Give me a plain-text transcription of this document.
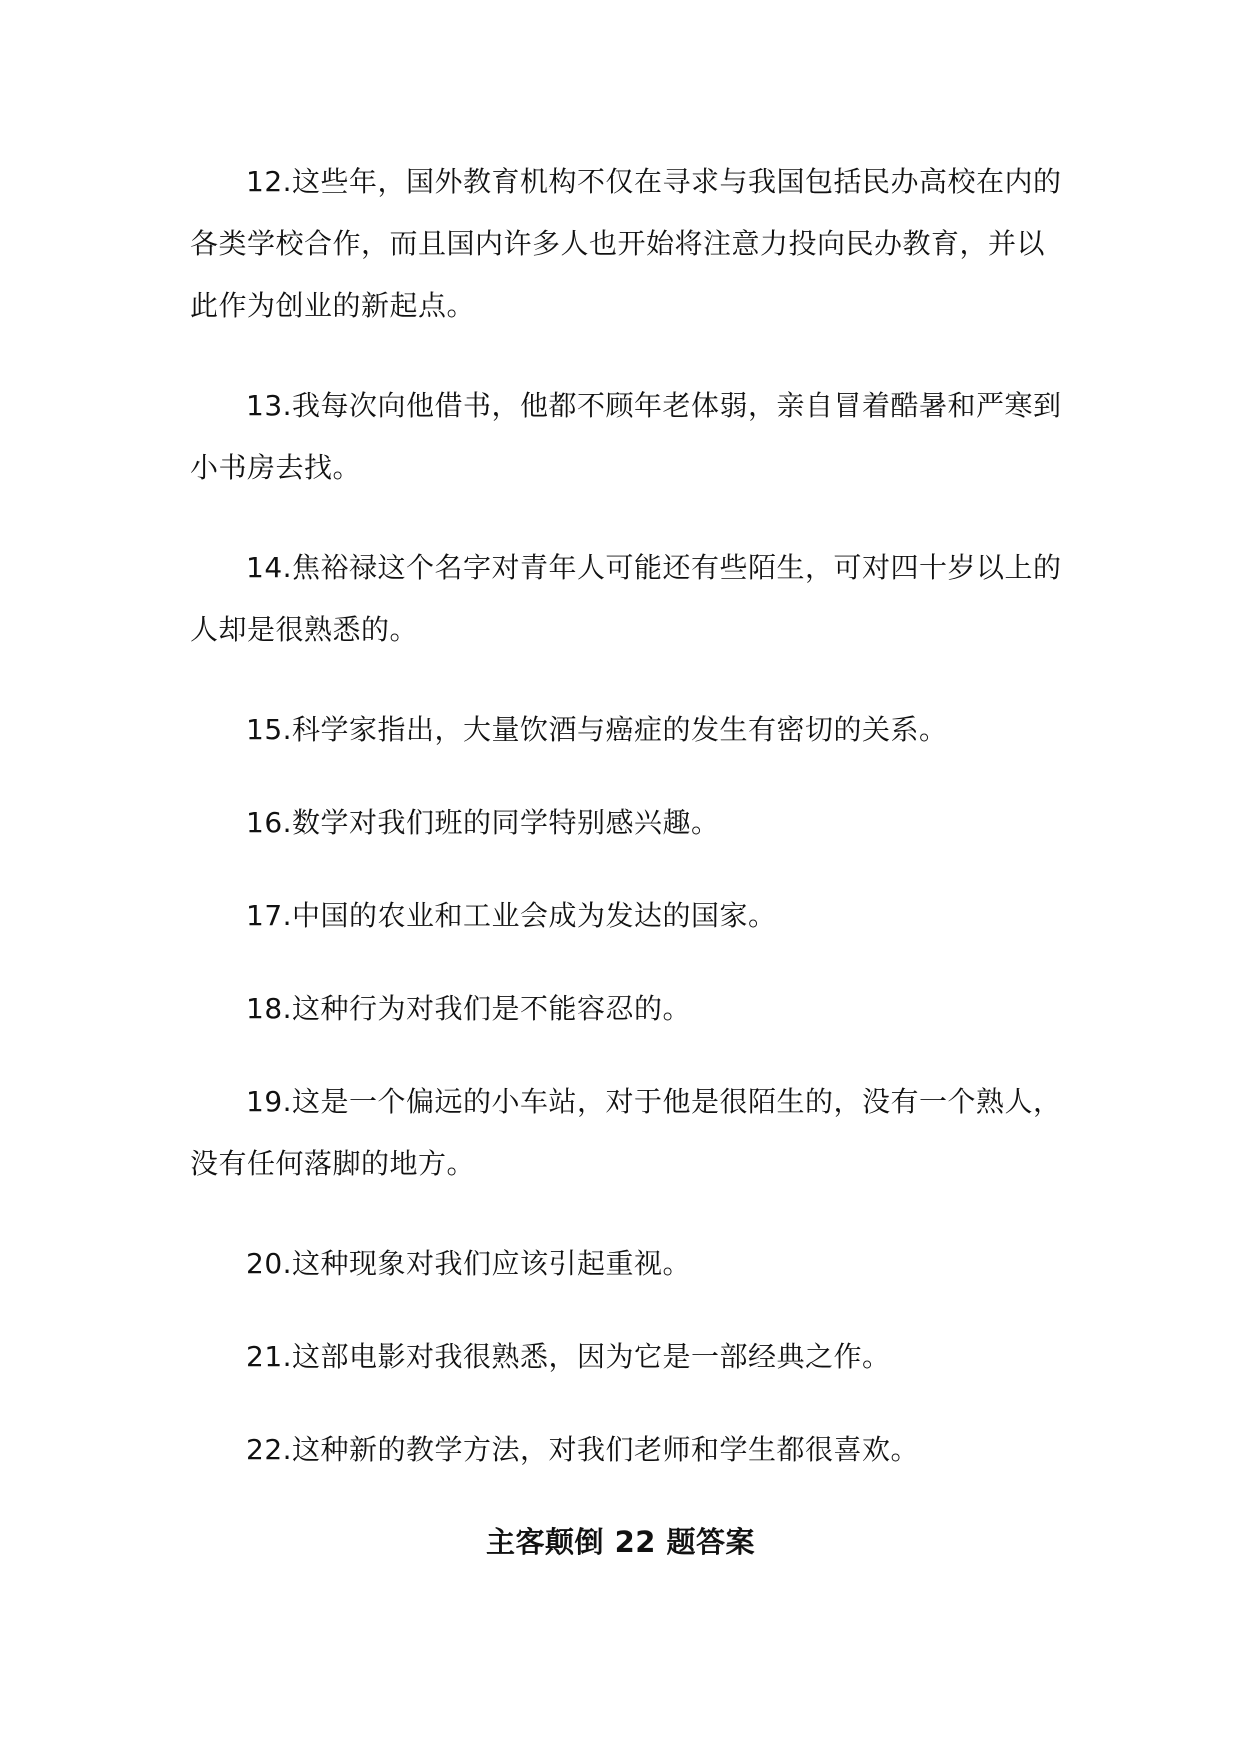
12.这些年，国外教育机构不仅在寻求与我国包括民办高校在内的各类学校合作，而且国内许多人也开始将注意力投向民办教育，并以此作为创业的新起点。

13.我每次向他借书，他都不顾年老体弱，亲自冒着酷暑和严寒到小书房去找。

14.焦裕禄这个名字对青年人可能还有些陌生，可对四十岁以上的人却是很熟悉的。

15.科学家指出，大量饮酒与癌症的发生有密切的关系。

16.数学对我们班的同学特别感兴趣。

17.中国的农业和工业会成为发达的国家。

18.这种行为对我们是不能容忍的。

19.这是一个偏远的小车站，对于他是很陌生的，没有一个熟人，没有任何落脚的地方。

20.这种现象对我们应该引起重视。

21.这部电影对我很熟悉，因为它是一部经典之作。

22.这种新的教学方法，对我们老师和学生都很喜欢。

主客颠倒 22 题答案
